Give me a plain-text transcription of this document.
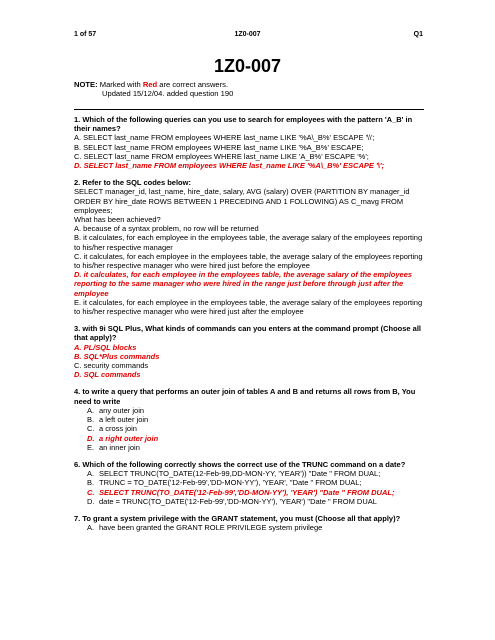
1 of 57	1Z0-007	Q1
1Z0-007
NOTE: Marked with Red are correct answers.
Updated 15/12/04. added question 190
1. Which of the following queries can you use to search for employees with the pattern 'A_B' in their names?
A. SELECT last_name FROM employees WHERE last_name LIKE '%A\_B%' ESCAPE '\\';
B. SELECT last_name FROM employees WHERE last_name LIKE '%A_B%' ESCAPE;
C. SELECT last_name FROM employees WHERE last_name LIKE 'A_B%' ESCAPE '%';
D. SELECT last_name FROM employees WHERE last_name LIKE '%A\_B%' ESCAPE '\';
2. Refer to the SQL codes below:
SELECT manager_id, last_name, hire_date, salary, AVG (salary) OVER (PARTITION BY manager_id ORDER BY hire_date ROWS BETWEEN 1 PRECEDING AND 1 FOLLOWING) AS C_mavg FROM employees;
What has been achieved?
A. because of a syntax problem, no row will be returned
B. it calculates, for each employee in the employees table, the average salary of the employees reporting to his/her respective manager
C. it calculates, for each employee in the employees table, the average salary of the employees reporting to his/her respective manager who were hired just before the employee
D. it calculates, for each employee in the employees table, the average salary of the employees reporting to the same manager who were hired in the range just before through just after the employee
E. it calculates, for each employee in the employees table, the average salary of the employees reporting to his/her respective manager who were hired just after the employee
3. with 9i SQL Plus, What kinds of commands can you enters at the command prompt (Choose all that apply)?
A. PL/SQL blocks
B. SQL*Plus commands
C. security commands
D. SQL commands
4. to write a query that performs an outer join of tables A and B and returns all rows from B, You need to write
A. any outer join
B. a left outer join
C. a cross join
D. a right outer join
E. an inner join
6. Which of the following correctly shows the correct use of the TRUNC command on a date?
A. SELECT TRUNC(TO_DATE(12-Feb-99,DD-MON-YY, 'YEAR')) "Date " FROM DUAL;
B. TRUNC = TO_DATE('12-Feb-99','DD-MON-YY'), 'YEAR', "Date " FROM DUAL;
C. SELECT TRUNC(TO_DATE('12-Feb-99','DD-MON-YY'), 'YEAR') "Date " FROM DUAL;
D. date = TRUNC(TO_DATE('12-Feb-99','DD-MON-YY'), 'YEAR') "Date " FROM DUAL
7. To grant a system privilege with the GRANT statement, you must (Choose all that apply)?
A. have been granted the GRANT ROLE PRIVILEGE system privilege
